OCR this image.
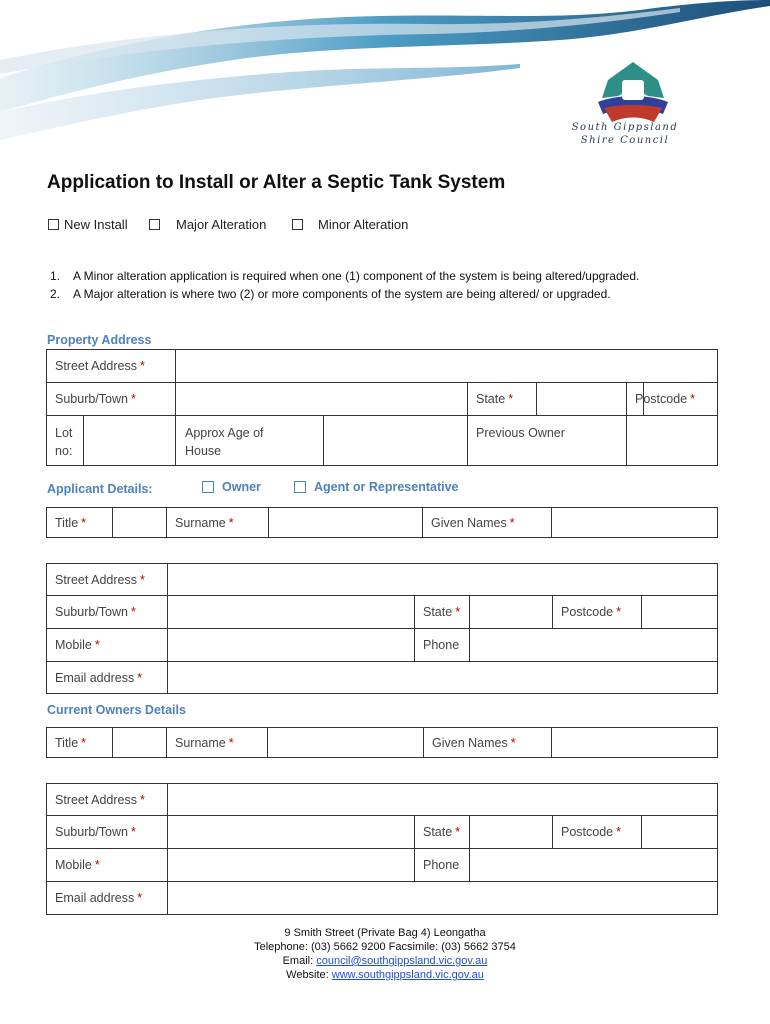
South Gippsland
Shire Council
Application to Install or Alter a Septic Tank System
New Install	Major Alteration	Minor Alteration
1. A Minor alteration application is required when one (1) component of the system is being altered/upgraded.
2. A Major alteration is where two (2) or more components of the system are being altered/ or upgraded.
Property Address
Street Address *							
Suburb/Town *				State *		Postcode *	
Lot no:		Approx Age of House		Previous Owner			
Applicant Details:	Owner	Agent or Representative
Title *		Surname *		Given Names *	
Street Address *					
Suburb/Town *		State *		Postcode *	
Mobile *		Phone			
Email address *					
Current Owners Details
Title *		Surname *		Given Names *	
Street Address *					
Suburb/Town *		State *		Postcode *	
Mobile *		Phone			
Email address *					
9 Smith Street (Private Bag 4) Leongatha
Telephone: (03) 5662 9200 Facsimile: (03) 5662 3754
Email: council@southgippsland.vic.gov.au
Website: www.southgippsland.vic.gov.au
